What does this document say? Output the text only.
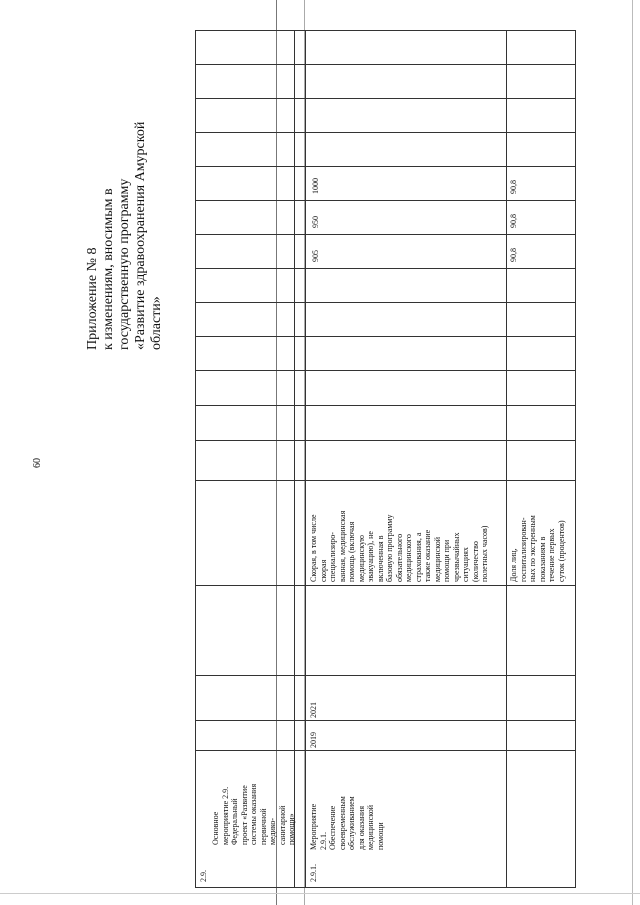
60
Приложение № 8 к изменениям, вносимым в государственную программу «Развитие здравоохранения Амурской области»
2.9.
Основное мероприятие 2.9. Федеральный проект «Развитие системы оказания первичной медико- санитарной помощи»
2.9.1.
Мероприятие 2.9.1. Обеспечение своевременным обслуживанием для оказания медицинской помощи
2019
2021
Скорая, в том числе скорая специализиро- ванная, медицинская помощь (включая медицинскую эвакуацию), не включенная в базовую программу обязательного медицинского страхования, а также оказание медицинской помощи при чрезвычайных ситуациях (количество полетных часов)
905
950
1000
Доля лиц, госпитализирован- ных по экстренным показаниям в течение первых суток (процентов)
90,8
90,8
90,8
